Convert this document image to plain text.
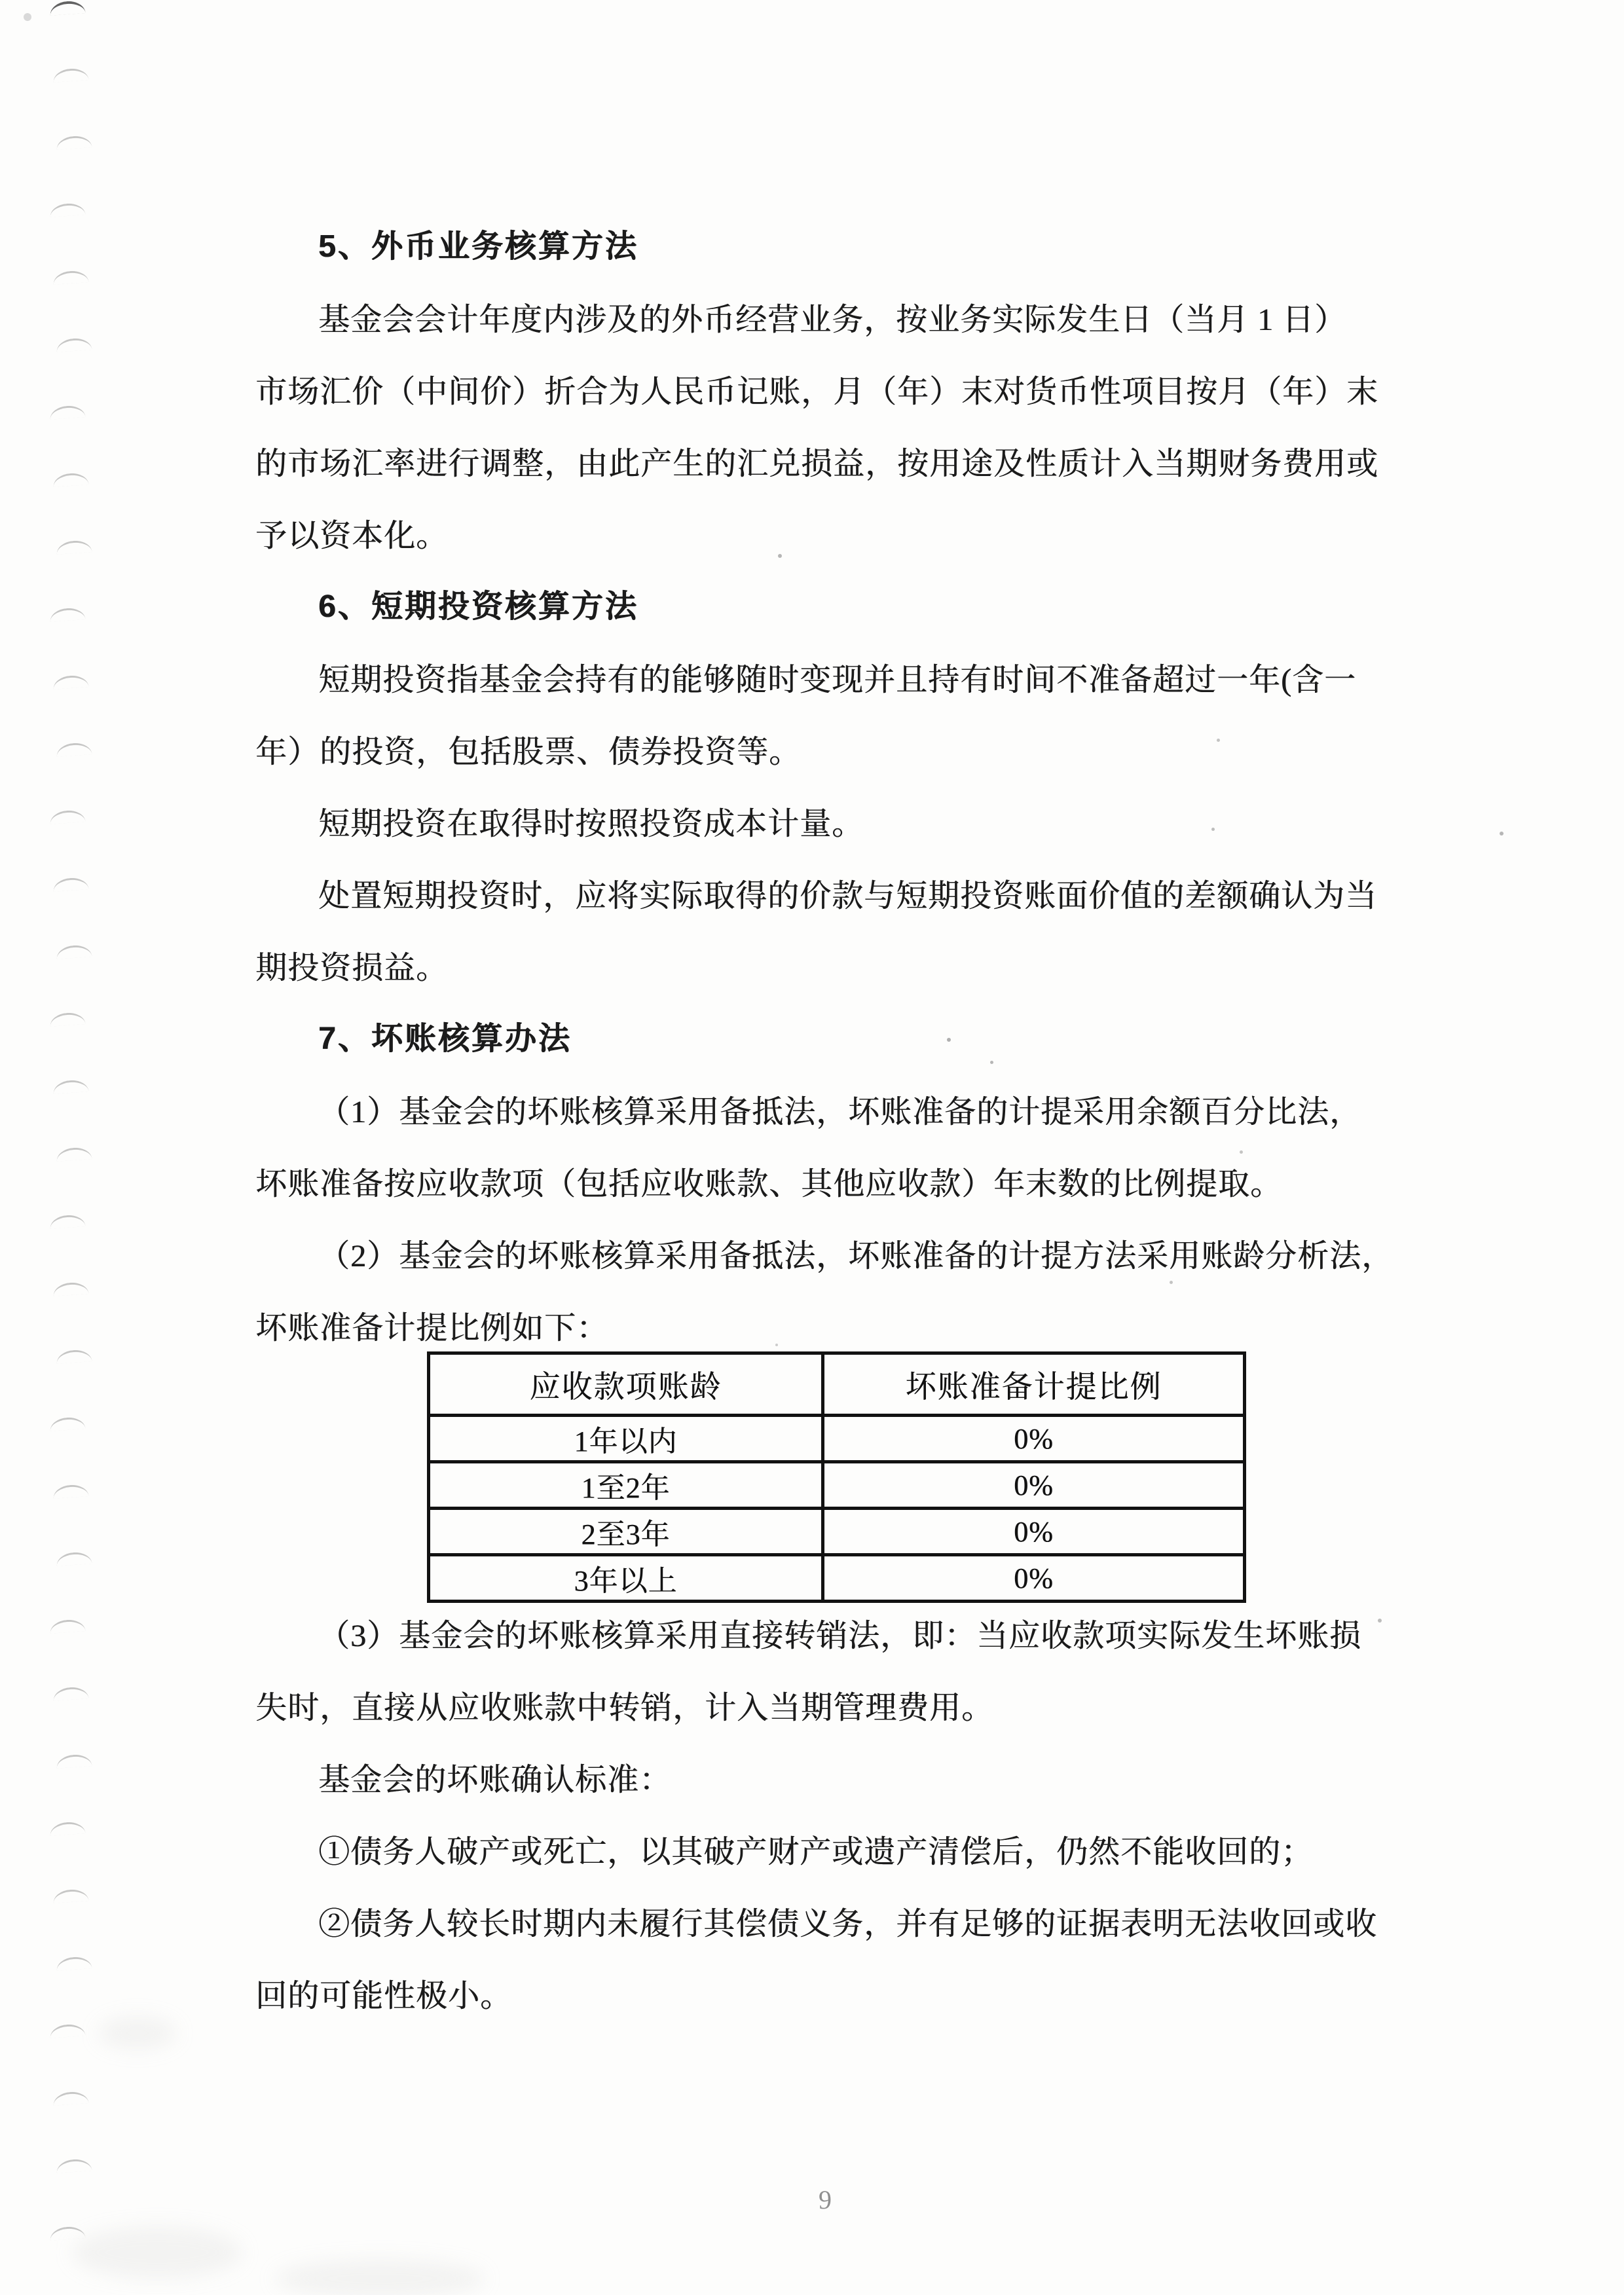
5、外币业务核算方法
基金会会计年度内涉及的外币经营业务，按业务实际发生日（当月 1 日）
市场汇价（中间价）折合为人民币记账，月（年）末对货币性项目按月（年）末
的市场汇率进行调整，由此产生的汇兑损益，按用途及性质计入当期财务费用或
予以资本化。
6、短期投资核算方法
短期投资指基金会持有的能够随时变现并且持有时间不准备超过一年(含一
年）的投资，包括股票、债券投资等。
短期投资在取得时按照投资成本计量。
处置短期投资时，应将实际取得的价款与短期投资账面价值的差额确认为当
期投资损益。
7、坏账核算办法
（1）基金会的坏账核算采用备抵法，坏账准备的计提采用余额百分比法，
坏账准备按应收款项（包括应收账款、其他应收款）年末数的比例提取。
（2）基金会的坏账核算采用备抵法，坏账准备的计提方法采用账龄分析法，
坏账准备计提比例如下：
应收款项账龄	坏账准备计提比例
1年以内	0%
1至2年	0%
2至3年	0%
3年以上	0%
（3）基金会的坏账核算采用直接转销法，即：当应收款项实际发生坏账损
失时，直接从应收账款中转销，计入当期管理费用。
基金会的坏账确认标准：
①债务人破产或死亡，以其破产财产或遗产清偿后，仍然不能收回的；
②债务人较长时期内未履行其偿债义务，并有足够的证据表明无法收回或收
回的可能性极小。
9
